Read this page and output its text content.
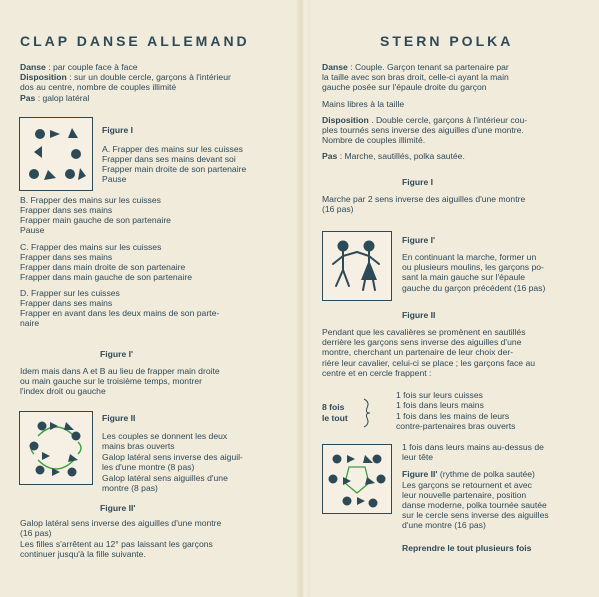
CLAP DANSE ALLEMAND
Danse : par couple face à face
Disposition : sur un double cercle, garçons à l'intérieur
dos au centre, nombre de couples illimité
Pas : galop latéral
Figure I
A. Frapper des mains sur les cuisses
Frapper dans ses mains devant soi
Frapper main droite de son partenaire
Pause
B. Frapper des mains sur les cuisses
Frapper dans ses mains
Frapper main gauche de son partenaire
Pause
C. Frapper des mains sur les cuisses
Frapper dans ses mains
Frapper dans main droite de son partenaire
Frapper dans main gauche de son partenaire
D. Frapper sur les cuisses
Frapper dans ses mains
Frapper en avant dans les deux mains de son parte-
naire
Figure I'
Idem mais dans A et B au lieu de frapper main droite
ou main gauche sur le troisième temps, montrer
l'index droit ou gauche
Figure II
Les couples se donnent les deux
mains bras ouverts
Galop latéral sens inverse des aiguil-
les d'une montre (8 pas)
Galop latéral sens aiguilles d'une
montre (8 pas)
Figure II'
Galop latéral sens inverse des aiguilles d'une montre
(16 pas)
Les filles s'arrêtent au 12° pas laissant les garçons
continuer jusqu'à la fille suivante.
STERN POLKA
Danse : Couple. Garçon tenant sa partenaire par
la taille avec son bras droit, celle-ci ayant la main
gauche posée sur l'épaule droite du garçon
Mains libres à la taille
Disposition . Double cercle, garçons à l'intérieur cou-
ples tournés sens inverse des aiguilles d'une montre.
Nombre de couples illimité.
Pas : Marche, sautillés, polka sautée.
Figure I
Marche par 2 sens inverse des aiguilles d'une montre
(16 pas)
Figure I'
En continuant la marche, former un
ou plusieurs moulins, les garçons po-
sant la main gauche sur l'épaule
gauche du garçon précédent (16 pas)
Figure II
Pendant que les cavalières se promènent en sautillés
derrière les garçons sens inverse des aiguilles d'une
montre, cherchant un partenaire de leur choix der-
rière leur cavalier, celui-ci se place ; les garçons face au
centre et en cercle frappent :
8 fois
le tout
1 fois sur leurs cuisses
1 fois dans leurs mains
1 fois dans les mains de leurs
contre-partenaires bras ouverts
1 fois dans leurs mains au-dessus de
leur tête
Figure II' (rythme de polka sautée)
Les garçons se retournent et avec
leur nouvelle partenaire, position
danse moderne, polka tournée sautée
sur le cercle sens inverse des aiguilles
d'une montre (16 pas)
Reprendre le tout plusieurs fois
